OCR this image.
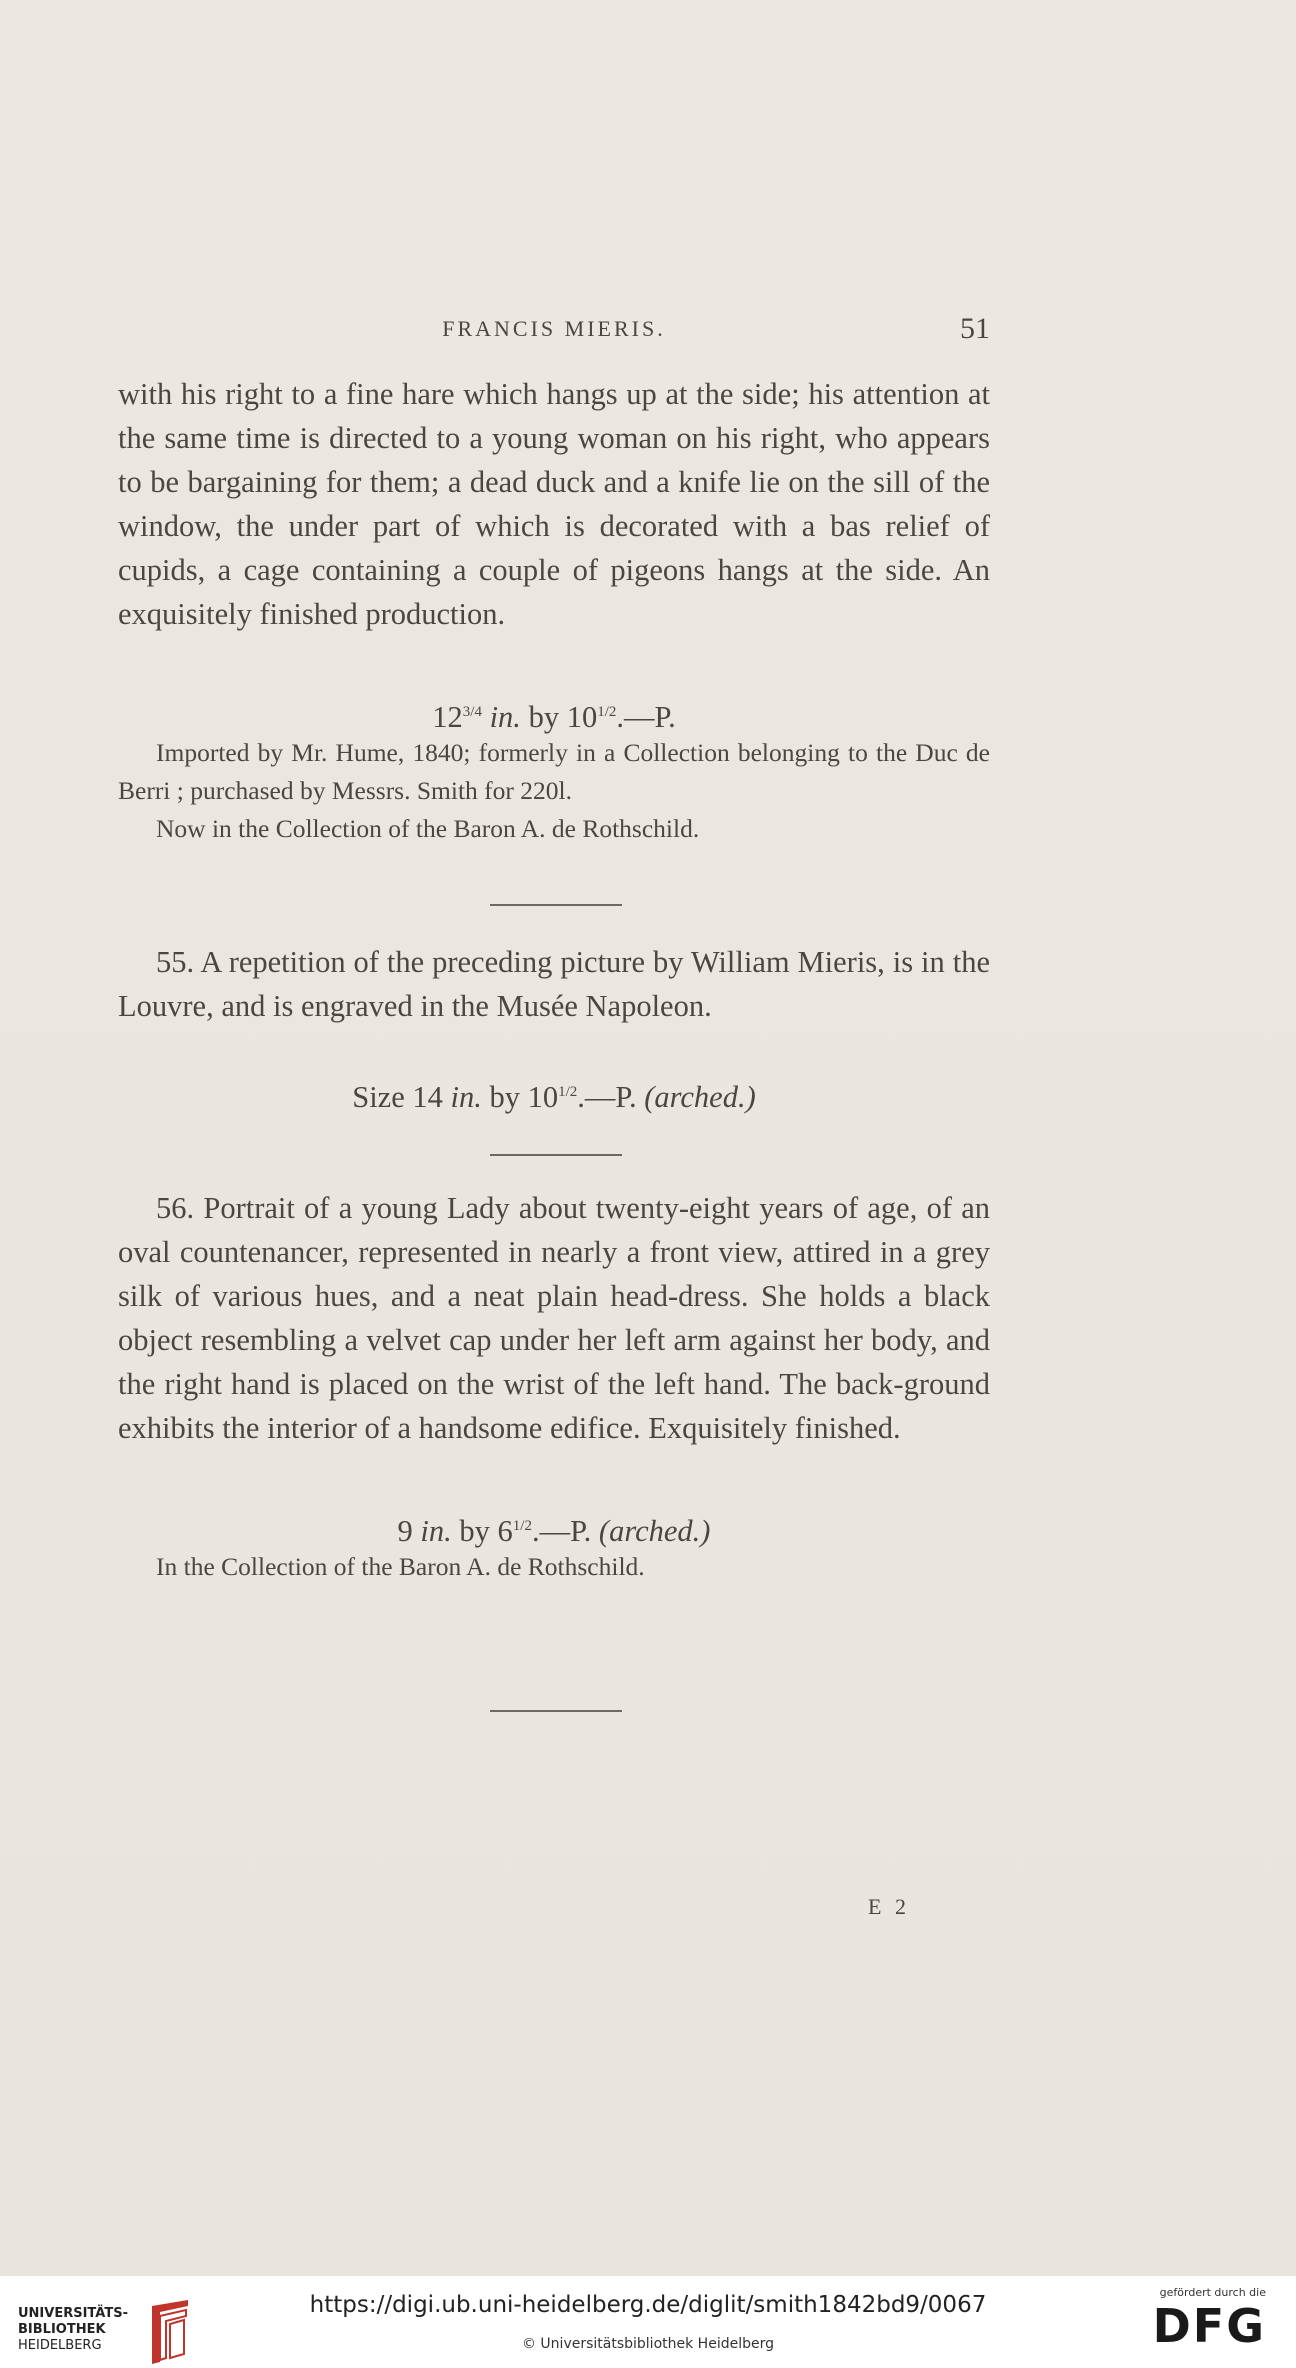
FRANCIS MIERIS.	51

with his right to a fine hare which hangs up at the side; his attention at the same time is directed to a young woman on his right, who appears to be bargaining for them; a dead duck and a knife lie on the sill of the window, the under part of which is decorated with a bas relief of cupids, a cage containing a couple of pigeons hangs at the side. An exquisitely finished production.

$12^{3/4}$ in. by $10^{1/2}.—P$.

Imported by Mr. Hume, 1840; formerly in a Collection belonging to the Duc de Berri ; purchased by Messrs. Smith for 220l.

Now in the Collection of the Baron A. de Rothschild.

55. A repetition of the preceding picture by William Mieris, is in the Louvre, and is engraved in the Musée Napoleon.

Size 14 in. by $10^{1/2}.—P$. (arched.)

56. Portrait of a young Lady about twenty-eight years of age, of an oval countenancer, represented in nearly a front view, attired in a grey silk of various hues, and a neat plain head-dress. She holds a black object resembling a velvet cap under her left arm against her body, and the right hand is placed on the wrist of the left hand. The back-ground exhibits the interior of a handsome edifice. Exquisitely finished.

9 in. by $6^{1/2}.—P$. (arched.)

In the Collection of the Baron A. de Rothschild.

E 2
UNIVERSITÄTS-
BIBLIOTHEK
HEIDELBERG
https://digi.ub.uni-heidelberg.de/diglit/smith1842bd9/0067
© Universitätsbibliothek Heidelberg
gefördert durch die
DFG
